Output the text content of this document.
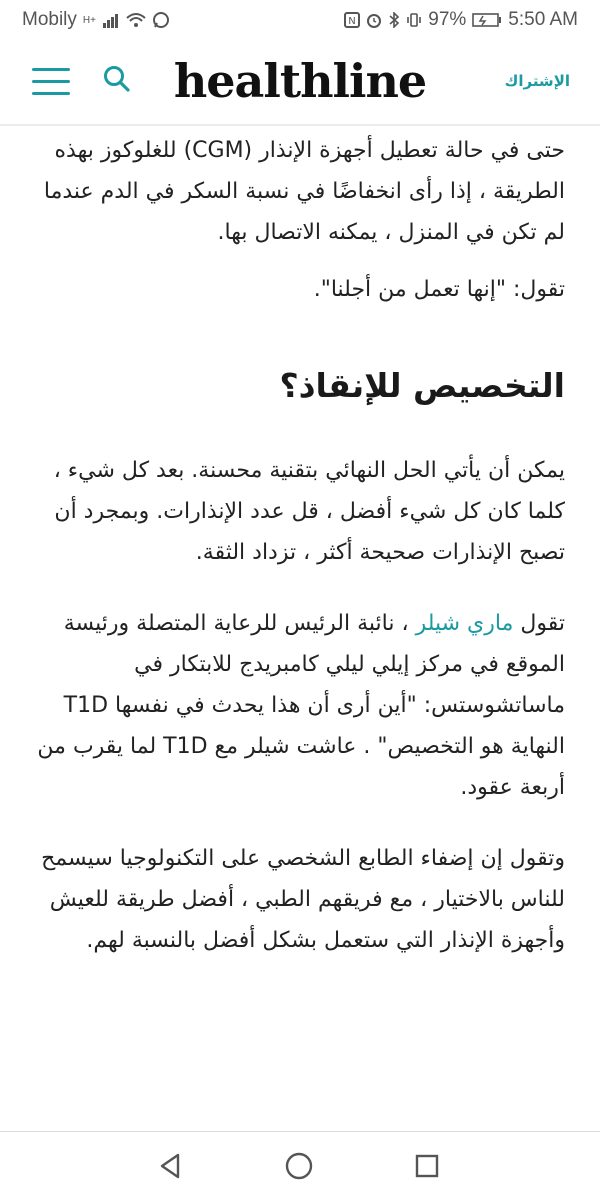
Mobily H+	N	97% 5:50 AM
healthline	الإشتراك

حتى في حالة تعطيل أجهزة الإنذار (CGM) للغلوكوز بهذه الطريقة ، إذا رأى انخفاضًا في نسبة السكر في الدم عندما لم تكن في المنزل ، يمكنه الاتصال بها.

تقول: "إنها تعمل من أجلنا".

التخصيص للإنقاذ؟

يمكن أن يأتي الحل النهائي بتقنية محسنة. بعد كل شيء ، كلما كان كل شيء أفضل ، قل عدد الإنذارات. وبمجرد أن تصبح الإنذارات صحيحة أكثر ، تزداد الثقة.

تقول ماري شيلر ، نائبة الرئيس للرعاية المتصلة ورئيسة الموقع في مركز إيلي ليلي كامبريدج للابتكار في ماساتشوستس: "أين أرى أن هذا يحدث في نفسها T1D النهاية هو التخصيص" . عاشت شيلر مع T1D لما يقرب من أربعة عقود.

وتقول إن إضفاء الطابع الشخصي على التكنولوجيا سيسمح للناس بالاختيار ، مع فريقهم الطبي ، أفضل طريقة للعيش وأجهزة الإنذار التي ستعمل بشكل أفضل بالنسبة لهم.
